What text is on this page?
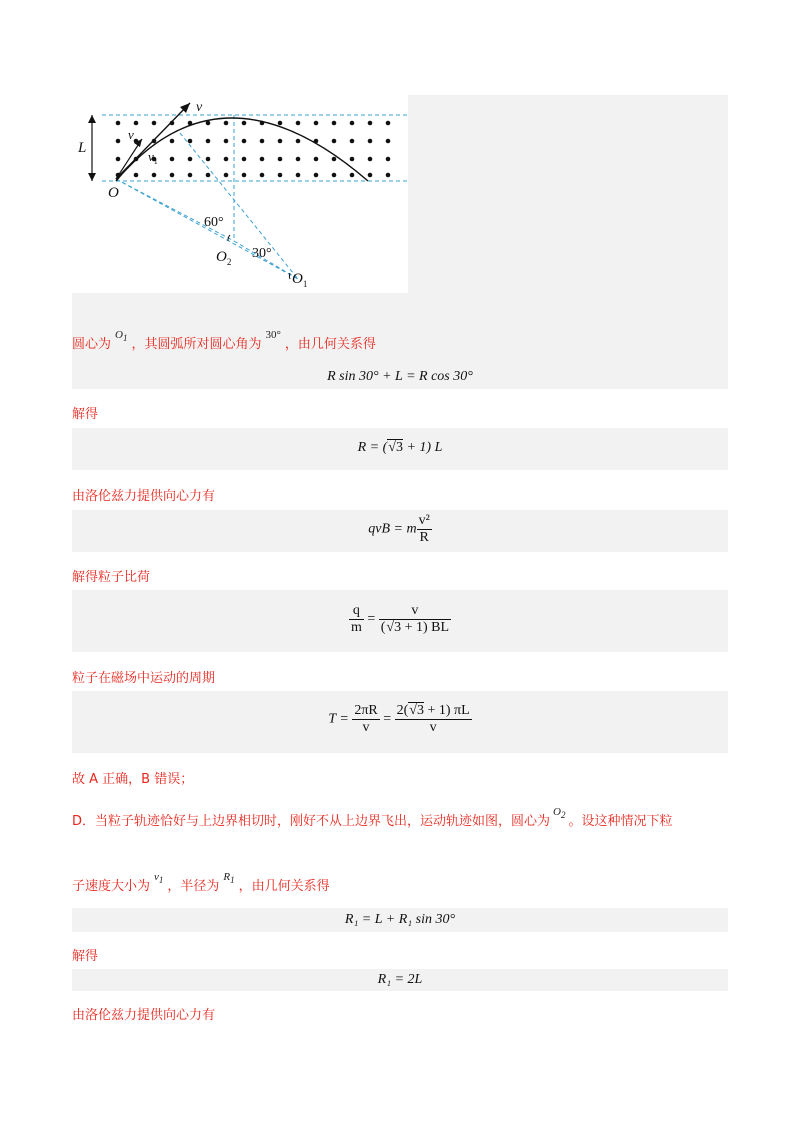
v
v
$v_1$
L
O
60°
30°
$O_2$
$O_1$
圆心为$^{O_1}$ ，其圆弧所对圆心角为$^{30^\circ}$，由几何关系得
R sin 30° + L = R cos 30°
解得
R = (√3 + 1) L
由洛伦兹力提供向心力有
qvB = m $\frac{\text{v²}}{R}$
解得粒子比荷
$\frac{q}{m} = \frac{v}{(√3 + 1) BL}$
粒子在磁场中运动的周期
$T = \frac{2\pi R}{v} = \frac{2(√3 + 1) \pi L}{v}$
故 A 正确，B 错误；
D．当粒子轨迹恰好与上边界相切时，刚好不从上边界飞出，运动轨迹如图，圆心为$^{O_2}$ 。设这种情况下粒
子速度大小为$^{v_1}$ ，半径为$^{R_1}$ ，由几何关系得
R₁ = L + R₁ sin 30°
解得
R₁ = 2L
由洛伦兹力提供向心力有
